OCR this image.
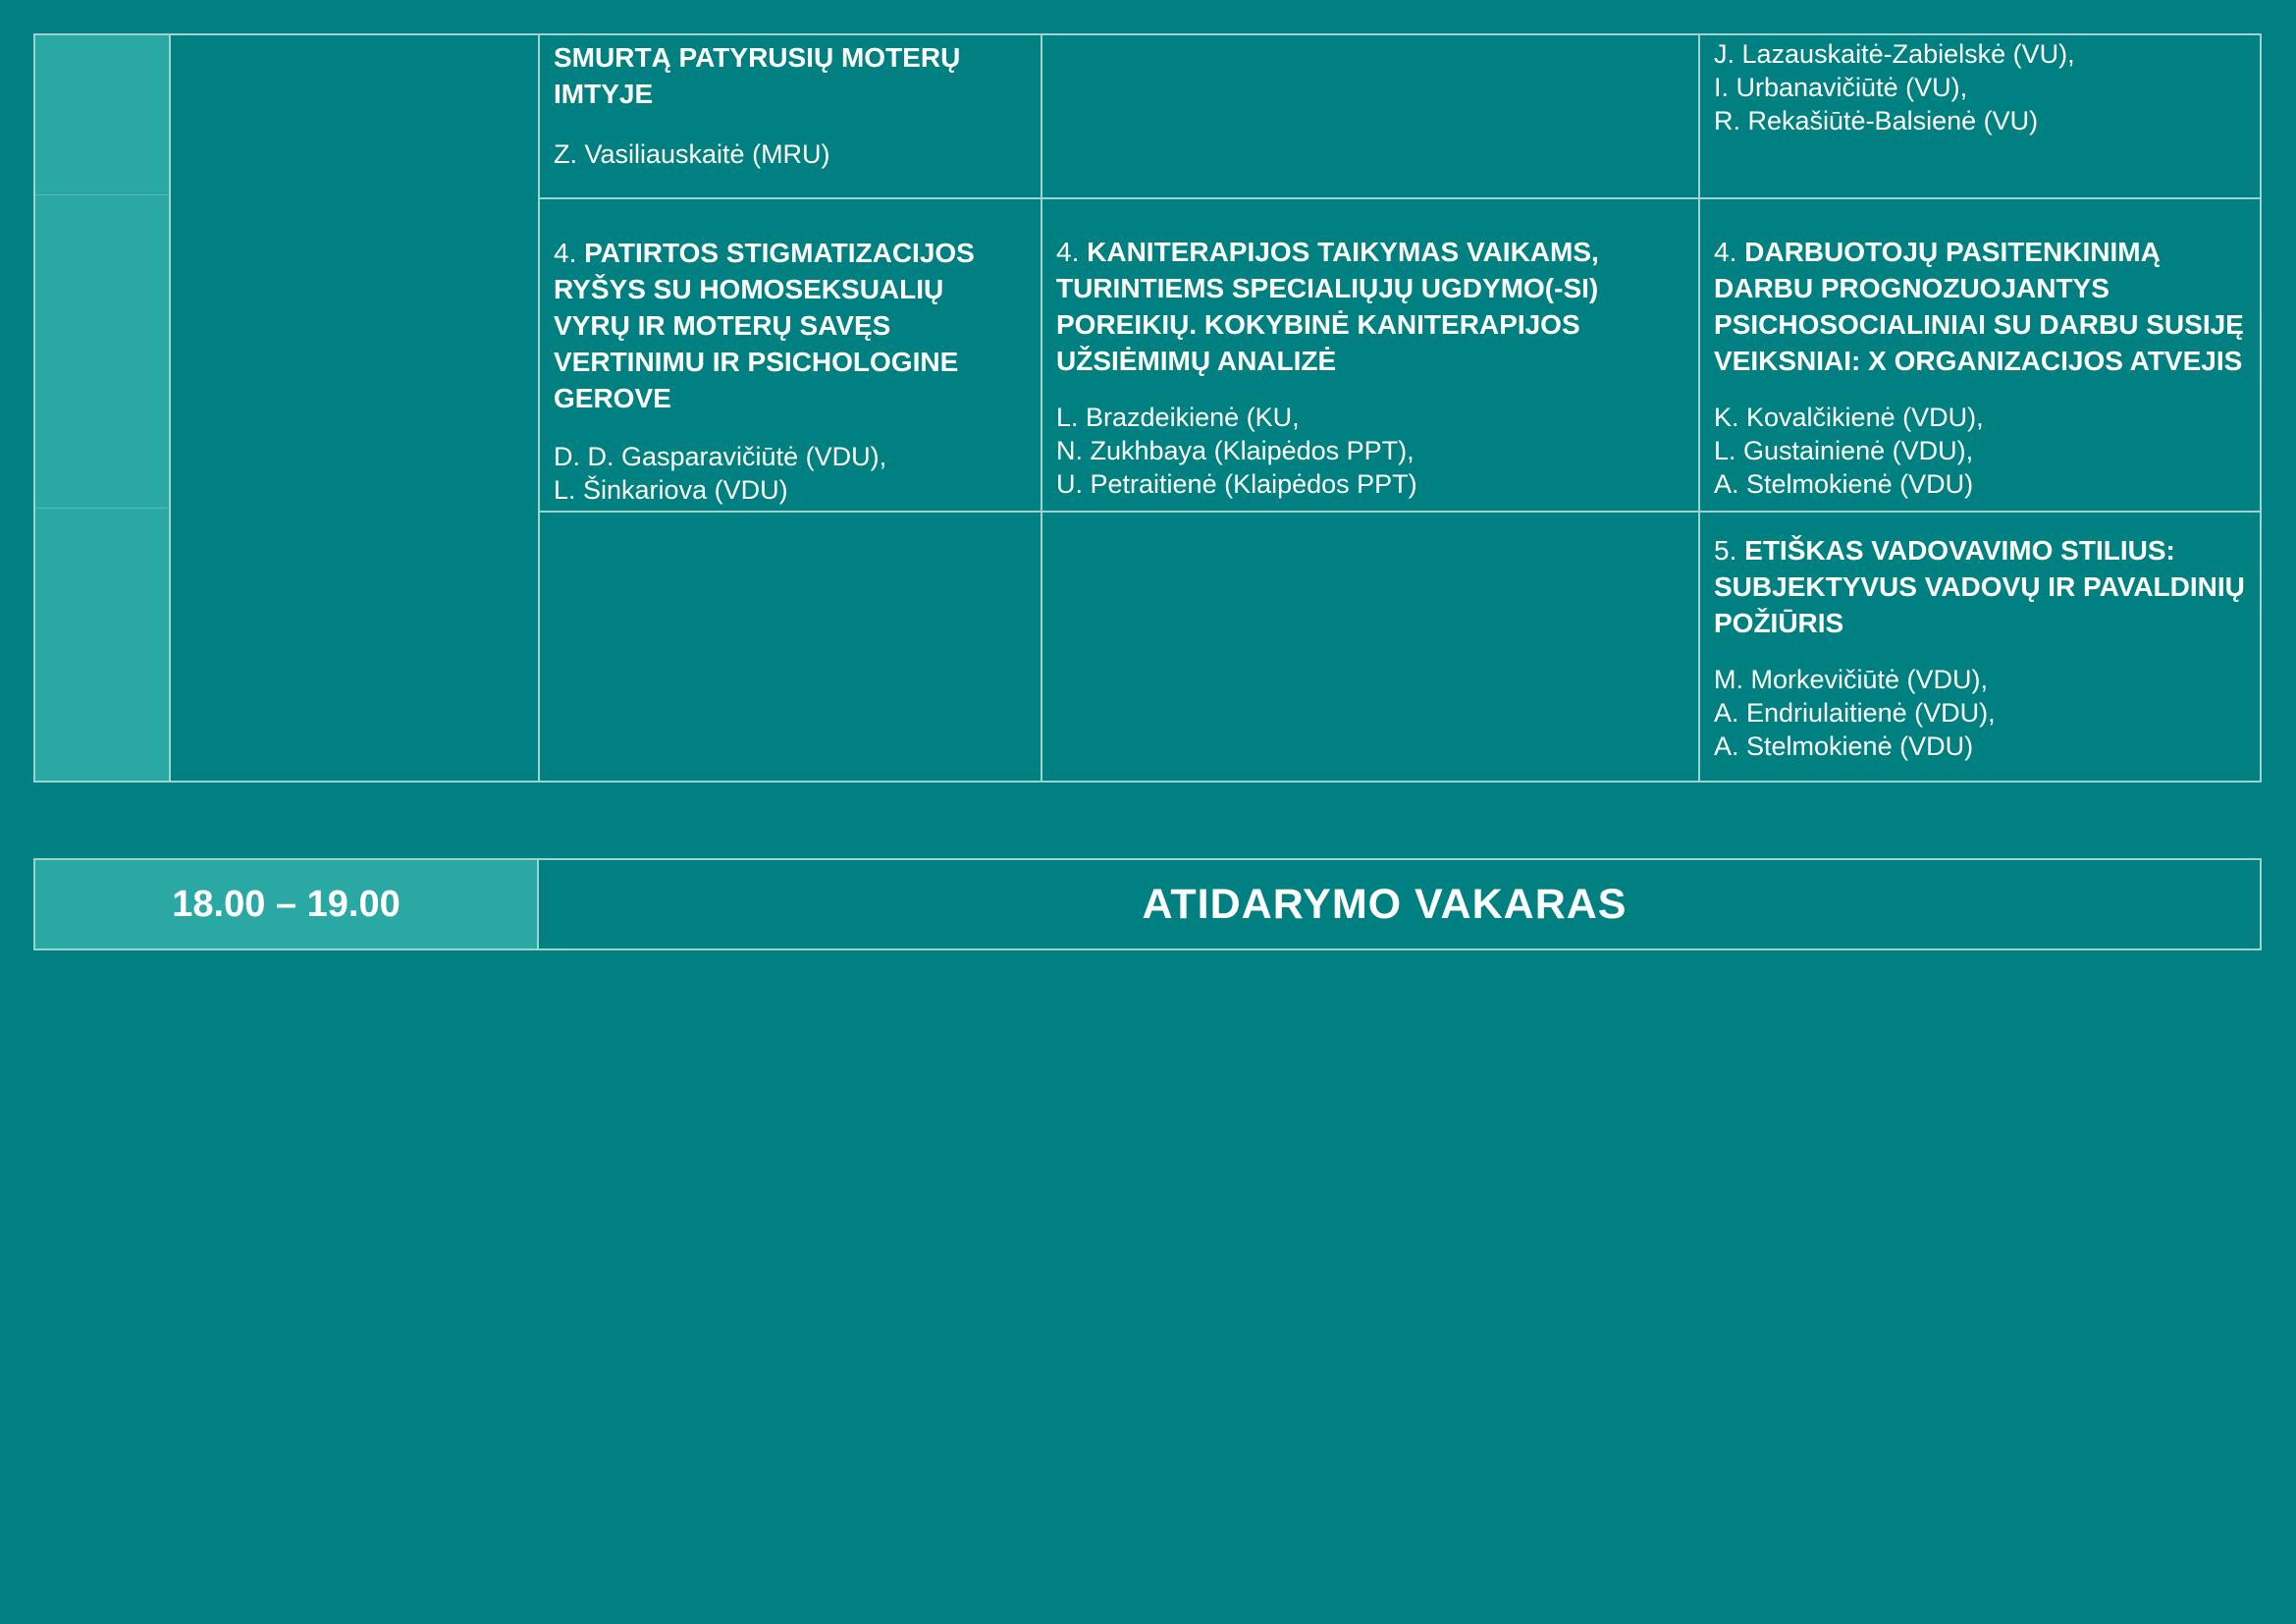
SMURTĄ PATYRUSIŲ MOTERŲ IMTYJE

Z. Vasiliauskaitė (MRU)
J. Lazauskaitė-Zabielskė (VU),
I. Urbanavičiūtė (VU),
R. Rekašiūtė-Balsienė (VU)

4. PATIRTOS STIGMATIZACIJOS RYŠYS SU HOMOSEKSUALIŲ VYRŲ IR MOTERŲ SAVĘS VERTINIMU IR PSICHOLOGINE GEROVE

D. D. Gasparavičiūtė (VDU),
L. Šinkariova (VDU)

4. KANITERAPIJOS TAIKYMAS VAIKAMS, TURINTIEMS SPECIALIŲJŲ UGDYMO(-SI) POREIKIŲ. KOKYBINĖ KANITERAPIJOS UŽSIĖMIMŲ ANALIZĖ

L. Brazdeikienė (KU,
N. Zukhbaya (Klaipėdos PPT),
U. Petraitienė (Klaipėdos PPT)

4. DARBUOTOJŲ PASITENKINIMĄ DARBU PROGNOZUOJANTYS PSICHOSOCIALINIAI SU DARBU SUSIJĘ VEIKSNIAI: X ORGANIZACIJOS ATVEJIS

K. Kovalčikienė (VDU),
L. Gustainienė (VDU),
A. Stelmokienė (VDU)

5. ETIŠKAS VADOVAVIMO STILIUS: SUBJEKTYVUS VADOVŲ IR PAVALDINIŲ POŽIŪRIS

M. Morkevičiūtė (VDU),
A. Endriulaitienė (VDU),
A. Stelmokienė (VDU)
18.00 – 19.00	ATIDARYMO VAKARAS
